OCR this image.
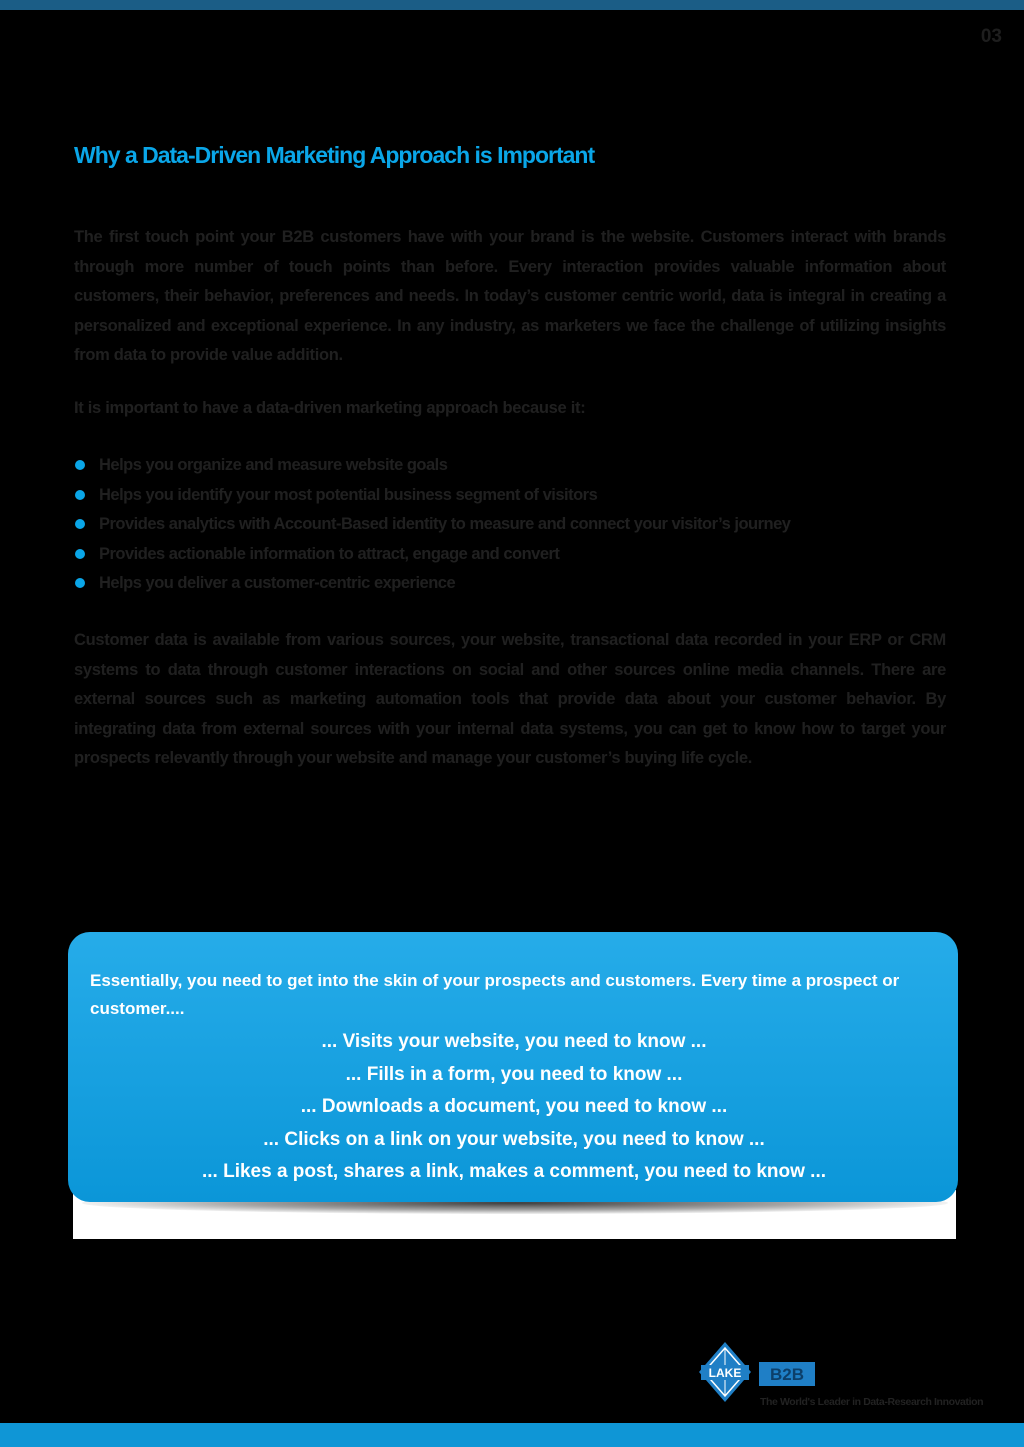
03
Why a Data-Driven Marketing Approach is Important

The first touch point your B2B customers have with your brand is the website. Customers interact with brands through more number of touch points than before. Every interaction provides valuable information about customers, their behavior, preferences and needs. In today’s customer centric world, data is integral in creating a personalized and exceptional experience. In any industry, as marketers we face the challenge of utilizing insights from data to provide value addition.

It is important to have a data-driven marketing approach because it:

Helps you organize and measure website goals
Helps you identify your most potential business segment of visitors
Provides analytics with Account-Based identity to measure and connect your visitor’s journey
Provides actionable information to attract, engage and convert
Helps you deliver a customer-centric experience

Customer data is available from various sources, your website, transactional data recorded in your ERP or CRM systems to data through customer interactions on social and other sources online media channels. There are external sources such as marketing automation tools that provide data about your customer behavior. By integrating data from external sources with your internal data systems, you can get to know how to target your prospects relevantly through your website and manage your customer’s buying life cycle.

Essentially, you need to get into the skin of your prospects and customers. Every time a prospect or customer....

... Visits your website, you need to know ...

... Fills in a form, you need to know ...

... Downloads a document, you need to know ...

... Clicks on a link on your website, you need to know ...

... Likes a post, shares a link, makes a comment, you need to know ...

LAKE B2B
The World's Leader in Data-Research Innovation
